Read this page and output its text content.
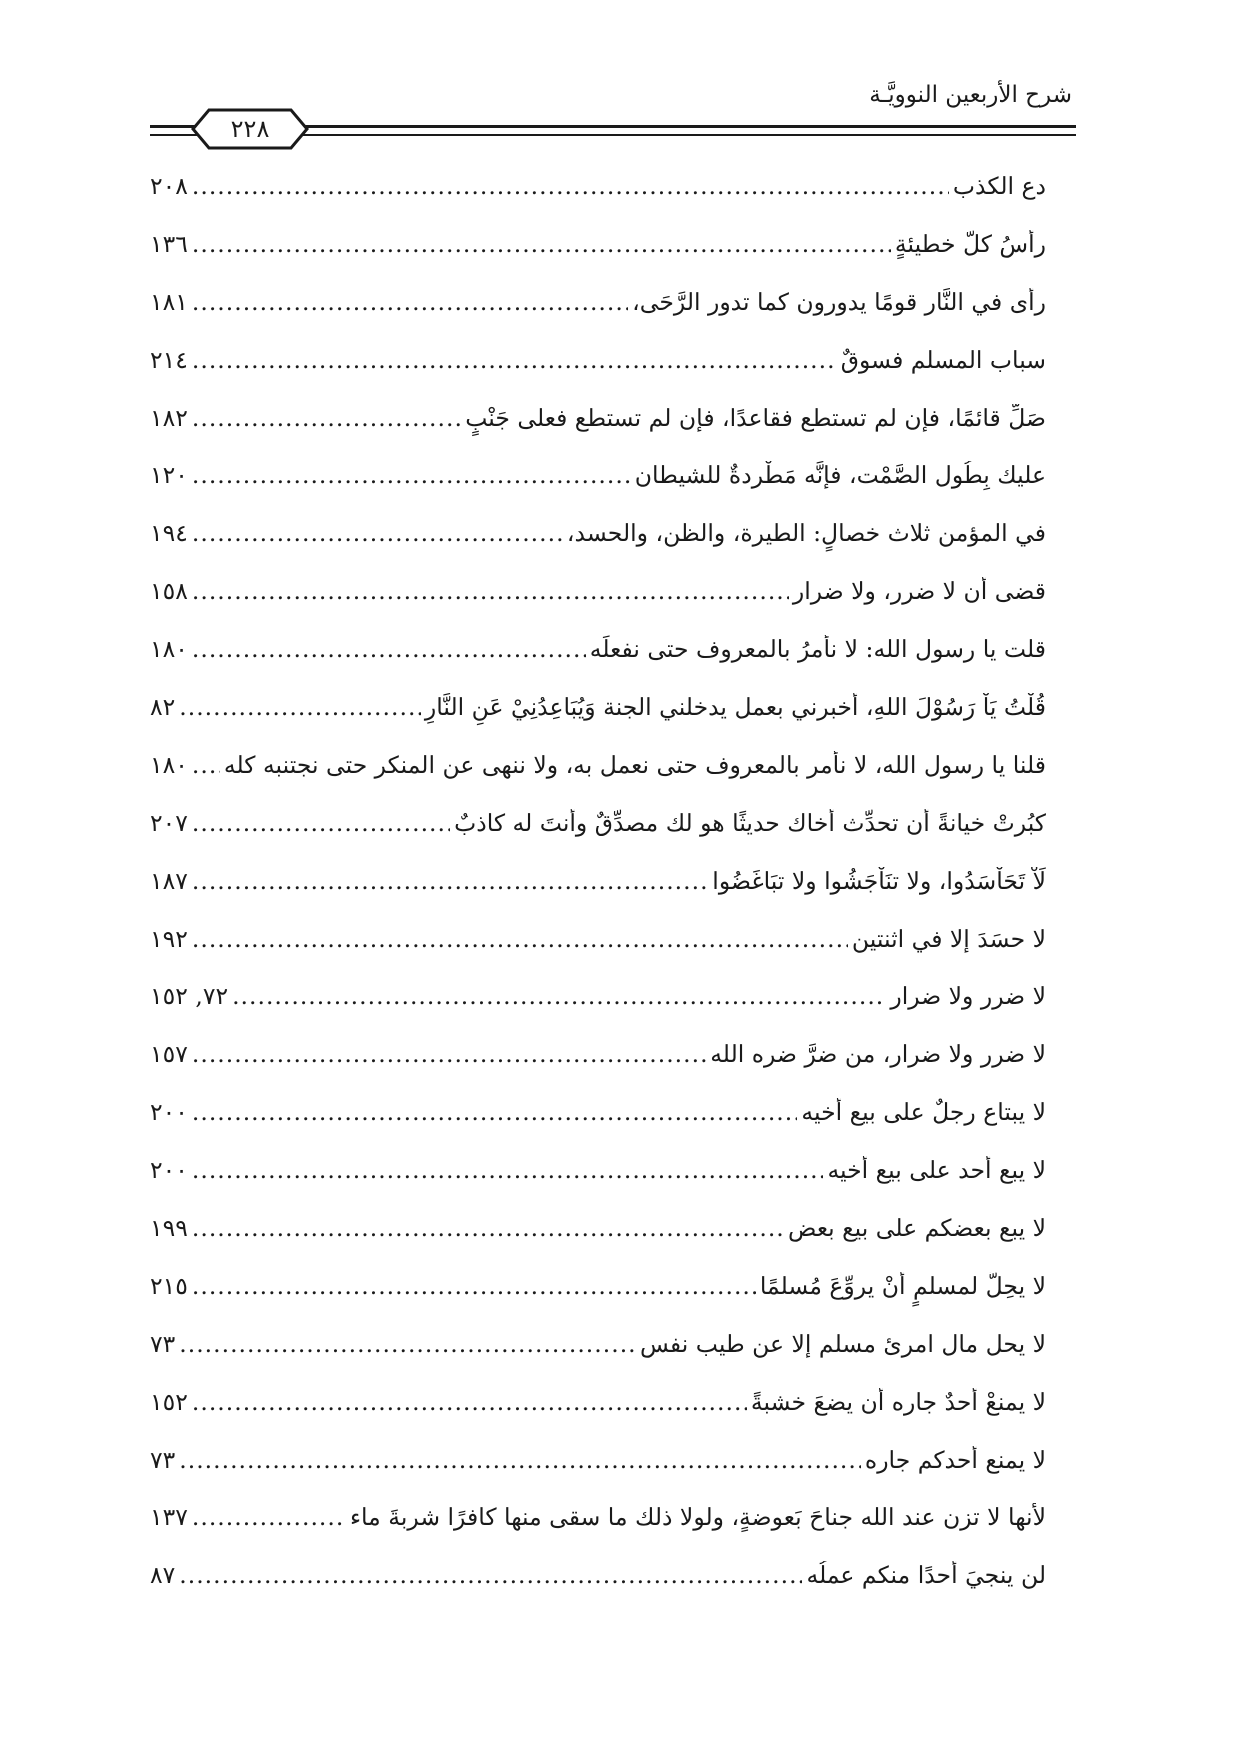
شرح الأربعين النوويَّـة
٢٢٨
دع الكذب
.....
٢٠٨
رأسُ كلّ خطيئةٍ
.....
١٣٦
رأى في النَّار قومًا يدورون كما تدور الرَّحَى،
.....
١٨١
سباب المسلم فسوقٌ
.....
٢١٤
صَلِّ قائمًا، فإن لم تستطع فقاعدًا، فإن لم تستطع فعلى جَنْبٍ
.....
١٨٢
عليك بِطُول الصَّمْت، فإنَّه مَطْردةٌ للشيطان
.....
١٢٠
في المؤمن ثلاث خصالٍ: الطيرة، والظن، والحسد،
.....
١٩٤
قضى أن لا ضرر، ولا ضرار
.....
١٥٨
قلت يا رسول الله: لا نأمرُ بالمعروف حتى نفعلَه
.....
١٨٠
قُلْتُ يَاْ رَسُوْلَ اللهِ، أخبرني بعمل يدخلني الجنة وَيُبَاعِدُنِيْ عَنِ النَّارِ
.....
٨٢
قلنا يا رسول الله، لا نأمر بالمعروف حتى نعمل به، ولا ننهى عن المنكر حتى نجتنبه كله
.....
١٨٠
كبُرتْ خيانةً أن تحدِّث أخاك حديثًا هو لك مصدِّقٌ وأنتَ له كاذبٌ
.....
٢٠٧
لَاْ تَحَاْسَدُوا، ولا تنَاْجَشُوا ولا تبَاغَضُوا
.....
١٨٧
لا حسَدَ إلا في اثنتين
.....
١٩٢
لا ضرر ولا ضرار
.....
٧٢, ١٥٢
لا ضرر ولا ضرار، من ضرَّ ضره الله
.....
١٥٧
لا يبتاع رجلٌ على بيع أخيه
.....
٢٠٠
لا يبع أحد على بيع أخيه
.....
٢٠٠
لا يبع بعضكم على بيع بعض
.....
١٩٩
لا يحِلُّ لمسلمٍ أنْ يروِّعَ مُسلمًا
.....
٢١٥
لا يحل مال امرئ مسلم إلا عن طيب نفس
.....
٧٣
لا يمنعْ أحدٌ جاره أن يضعَ خشبةً
.....
١٥٢
لا يمنع أحدكم جاره
.....
٧٣
لأنها لا تزن عند الله جناحَ بَعوضةٍ، ولولا ذلك ما سقى منها كافرًا شربةَ ماء
.....
١٣٧
لن ينجيَ أحدًا منكم عملُه
.....
٨٧
